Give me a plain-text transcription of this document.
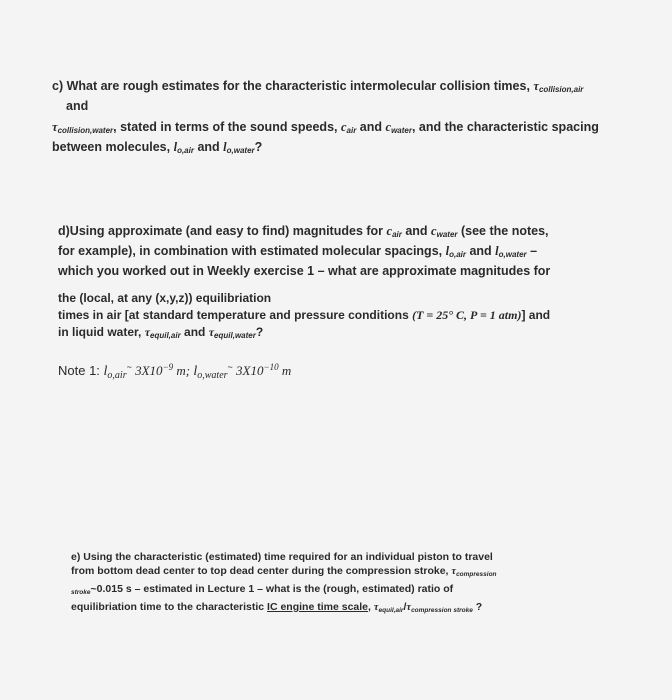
c) What are rough estimates for the characteristic intermolecular collision times, $\tau_{collision,air}$
and
$\tau_{collision,water}$, stated in terms of the sound speeds, $c_{air}$ and $c_{water}$, and the characteristic spacing
between molecules, $l_{o,air}$ and $l_{o,water}$?
d)Using approximate (and easy to find) magnitudes for $c_{air}$ and $c_{water}$ (see the notes,
for example), in combination with estimated molecular spacings, $l_{o,air}$ and $l_{o,water}$ –
which you worked out in Weekly exercise 1 – what are approximate magnitudes for
the (local, at any (x,y,z)) equilibriation
times in air [at standard temperature and pressure conditions (T = 25° C, P = 1 atm)] and
in liquid water, $\tau_{equil,air}$ and $\tau_{equil,water}$?
Note 1: $l_{o,air}^\sim$ $3X10^{-9}$ m; $l_{o,water}^\sim$ $3X10^{-10}$ m
e) Using the characteristic (estimated) time required for an individual piston to travel
from bottom dead center to top dead center during the compression stroke, $\tau_{compression}$
$_{stroke}$~0.015 s – estimated in Lecture 1 – what is the (rough, estimated) ratio of
equilibriation time to the characteristic IC engine time scale, $\tau_{equil,air}/\tau_{compression stroke}$ ?
